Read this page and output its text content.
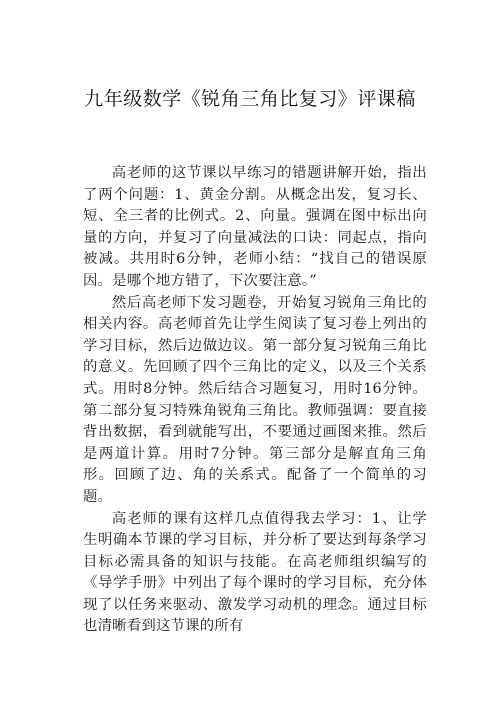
九年级数学《锐角三角比复习》评课稿

高老师的这节课以早练习的错题讲解开始，指出了两个问题：1、黄金分割。从概念出发，复习长、短、全三者的比例式。2、向量。强调在图中标出向量的方向，并复习了向量减法的口诀：同起点，指向被减。共用时6分钟，老师小结：“找自己的错误原因。是哪个地方错了，下次要注意。”

然后高老师下发习题卷，开始复习锐角三角比的相关内容。高老师首先让学生阅读了复习卷上列出的学习目标，然后边做边议。第一部分复习锐角三角比的意义。先回顾了四个三角比的定义，以及三个关系式。用时8分钟。然后结合习题复习，用时16分钟。第二部分复习特殊角锐角三角比。教师强调：要直接背出数据，看到就能写出，不要通过画图来推。然后是两道计算。用时7分钟。第三部分是解直角三角形。回顾了边、角的关系式。配备了一个简单的习题。

高老师的课有这样几点值得我去学习：1、让学生明确本节课的学习目标，并分析了要达到每条学习目标必需具备的知识与技能。在高老师组织编写的《导学手册》中列出了每个课时的学习目标，充分体现了以任务来驱动、激发学习动机的理念。通过目标也清晰看到这节课的所有
